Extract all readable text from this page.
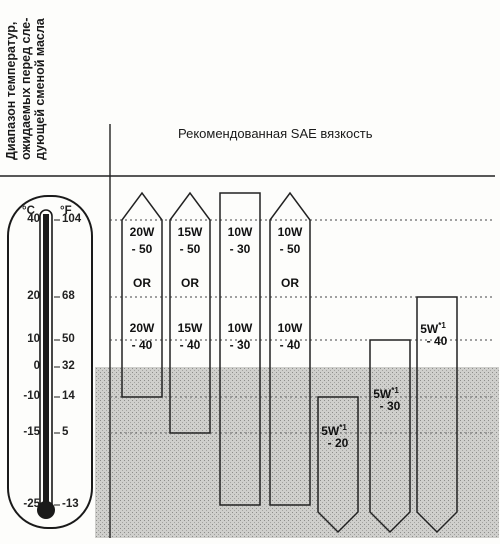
Диапазон температур, ожидаемых перед сле- дующей сменой масла	Рекомендованная SAE вязкость
°C °F
40 104
20 68
10 50
0 32
-10 14
-15 5
-25 -13
20W
- 50
OR
20W
- 40
15W
- 50
OR
15W
- 40
10W
- 30
10W
- 30
10W
- 50
OR
10W
- 40
$5W^{*1}$
- 20
$5W^{*1}$
- 30
$5W^{*1}$
- 40
